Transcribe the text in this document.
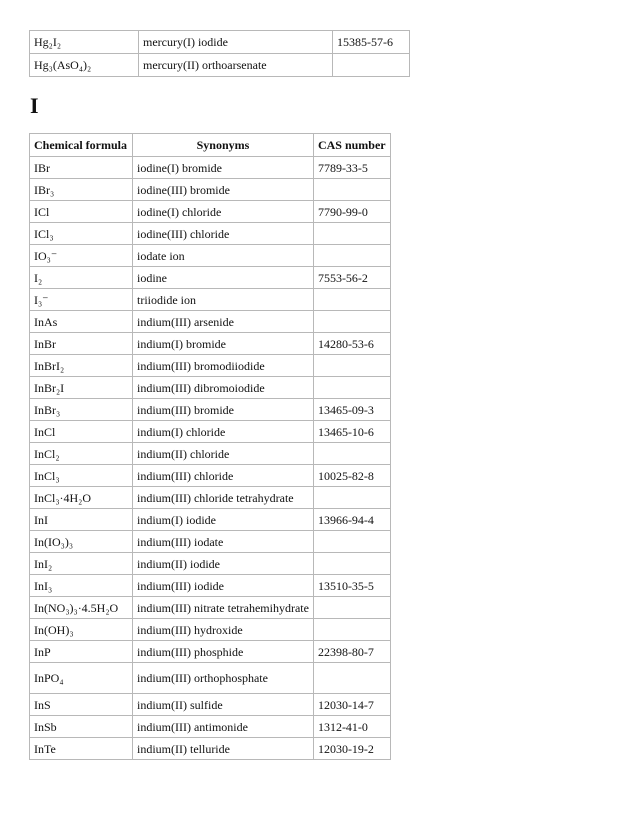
Hg₂I₂	mercury(I) iodide	15385-57-6
Hg₃(AsO₄)₂	mercury(II) orthoarsenate	
I
Chemical formula	Synonyms	CAS number
IBr	iodine(I) bromide	7789-33-5
IBr₃	iodine(III) bromide	
ICl	iodine(I) chloride	7790-99-0
ICl₃	iodine(III) chloride	
IO₃⁻	iodate ion	
I₂	iodine	7553-56-2
I₃⁻	triiodide ion	
InAs	indium(III) arsenide	
InBr	indium(I) bromide	14280-53-6
InBrI₂	indium(III) bromodiiodide	
InBr₂I	indium(III) dibromoiodide	
InBr₃	indium(III) bromide	13465-09-3
InCl	indium(I) chloride	13465-10-6
InCl₂	indium(II) chloride	
InCl₃	indium(III) chloride	10025-82-8
InCl₃·4H₂O	indium(III) chloride tetrahydrate	
InI	indium(I) iodide	13966-94-4
In(IO₃)₃	indium(III) iodate	
InI₂	indium(II) iodide	
InI₃	indium(III) iodide	13510-35-5
In(NO₃)₃·4.5H₂O	indium(III) nitrate tetrahemihydrate	
In(OH)₃	indium(III) hydroxide	
InP	indium(III) phosphide	22398-80-7
InPO₄	indium(III) orthophosphate	
InS	indium(II) sulfide	12030-14-7
InSb	indium(III) antimonide	1312-41-0
InTe	indium(II) telluride	12030-19-2
